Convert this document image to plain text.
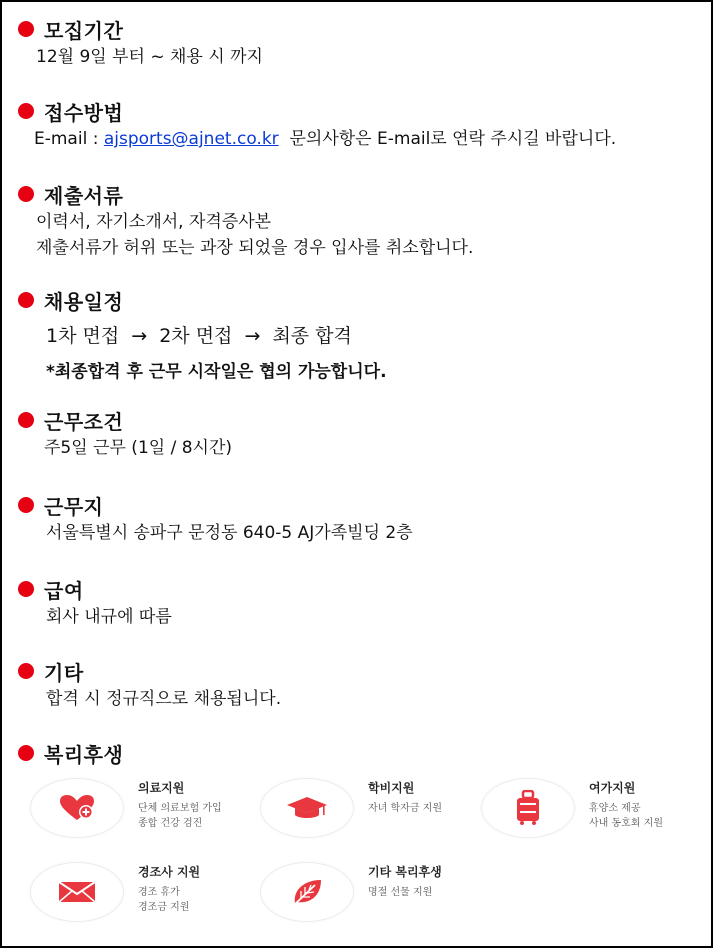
모집기간
12월 9일 부터 ~ 채용 시 까지
접수방법
E-mail : ajsports@ajnet.co.kr  문의사항은 E-mail로 연락 주시길 바랍니다.
제출서류
이력서, 자기소개서, 자격증사본
제출서류가 허위 또는 과장 되었을 경우 입사를 취소합니다.
채용일정
1차 면접 → 2차 면접 → 최종 합격
*최종합격 후 근무 시작일은 협의 가능합니다.
근무조건
주5일 근무 (1일 / 8시간)
근무지
서울특별시 송파구 문정동 640-5 AJ가족빌딩 2층
급여
회사 내규에 따름
기타
합격 시 정규직으로 채용됩니다.
복리후생
의료지원
단체 의료보험 가입
종합 건강 검진
학비지원
자녀 학자금 지원
여가지원
휴양소 제공
사내 동호회 지원
경조사 지원
경조 휴가
경조금 지원
기타 복리후생
명절 선물 지원
